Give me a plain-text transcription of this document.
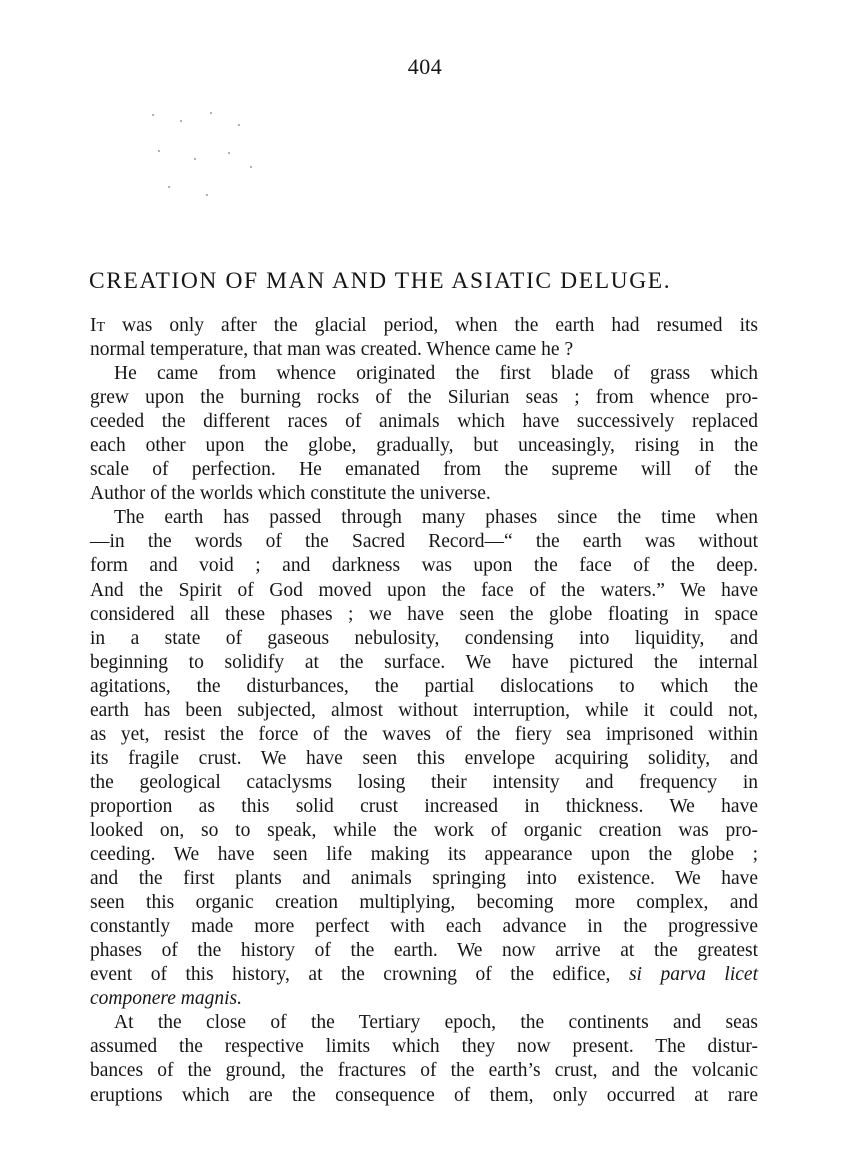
404
CREATION OF MAN AND THE ASIATIC DELUGE.
It was only after the glacial period, when the earth had resumed its
normal temperature, that man was created. Whence came he ?
He came from whence originated the first blade of grass which
grew upon the burning rocks of the Silurian seas ; from whence pro-
ceeded the different races of animals which have successively replaced
each other upon the globe, gradually, but unceasingly, rising in the
scale of perfection. He emanated from the supreme will of the
Author of the worlds which constitute the universe.
The earth has passed through many phases since the time when
—in the words of the Sacred Record—“ the earth was without
form and void ; and darkness was upon the face of the deep.
And the Spirit of God moved upon the face of the waters.” We have
considered all these phases ; we have seen the globe floating in space
in a state of gaseous nebulosity, condensing into liquidity, and
beginning to solidify at the surface. We have pictured the internal
agitations, the disturbances, the partial dislocations to which the
earth has been subjected, almost without interruption, while it could not,
as yet, resist the force of the waves of the fiery sea imprisoned within
its fragile crust. We have seen this envelope acquiring solidity, and
the geological cataclysms losing their intensity and frequency in
proportion as this solid crust increased in thickness. We have
looked on, so to speak, while the work of organic creation was pro-
ceeding. We have seen life making its appearance upon the globe ;
and the first plants and animals springing into existence. We have
seen this organic creation multiplying, becoming more complex, and
constantly made more perfect with each advance in the progressive
phases of the history of the earth. We now arrive at the greatest
event of this history, at the crowning of the edifice, si parva licet
componere magnis.
At the close of the Tertiary epoch, the continents and seas
assumed the respective limits which they now present. The distur-
bances of the ground, the fractures of the earth’s crust, and the volcanic
eruptions which are the consequence of them, only occurred at rare
